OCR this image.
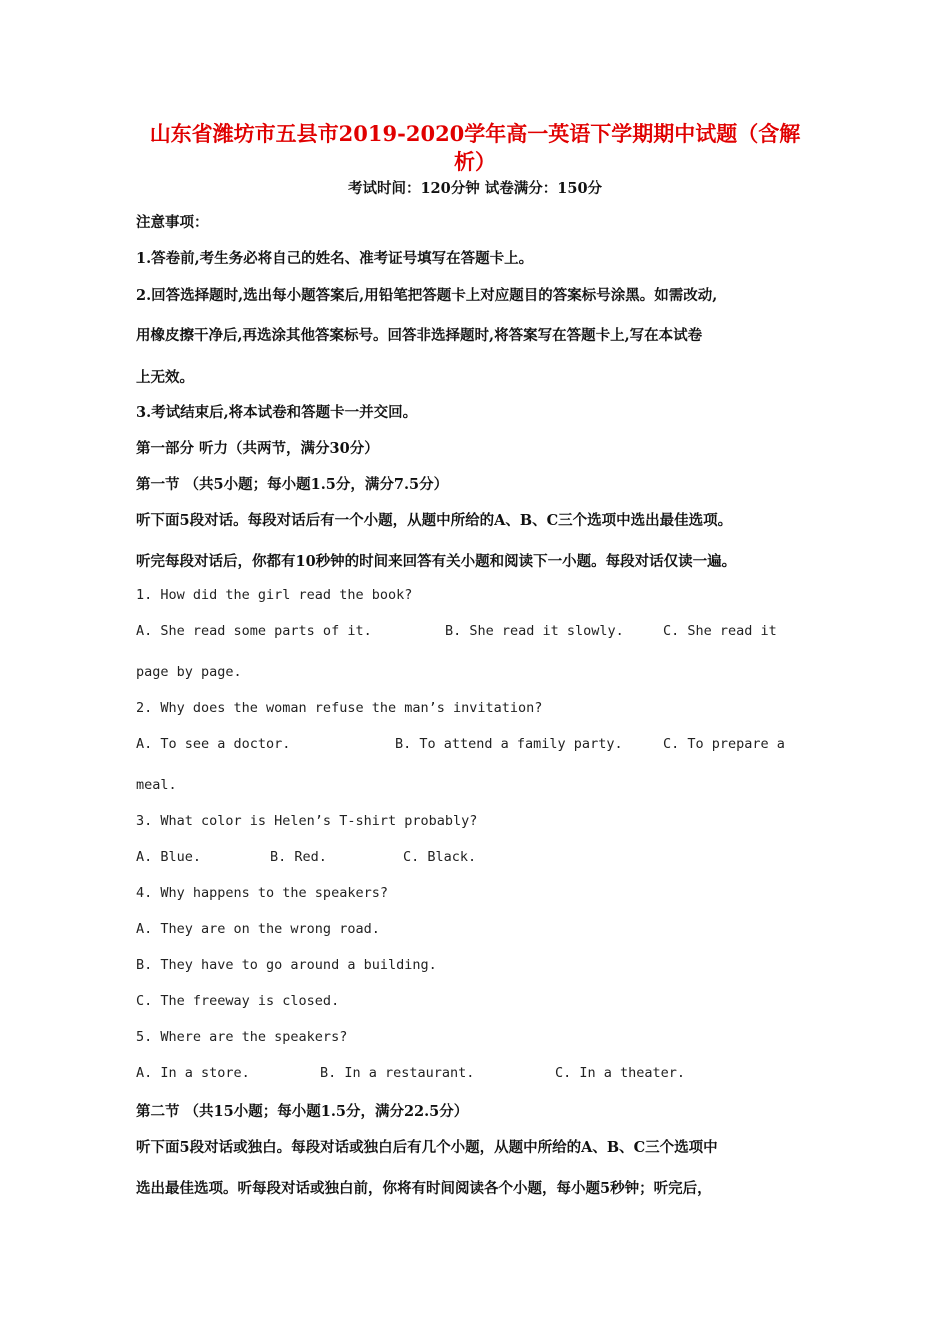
山东省潍坊市五县市2019-2020学年高一英语下学期期中试题（含解
析）
考试时间：120分钟 试卷满分：150分
注意事项：
1.答卷前,考生务必将自己的姓名、准考证号填写在答题卡上。
2.回答选择题时,选出每小题答案后,用铅笔把答题卡上对应题目的答案标号涂黑。如需改动,
用橡皮擦干净后,再选涂其他答案标号。回答非选择题时,将答案写在答题卡上,写在本试卷
上无效。
3.考试结束后,将本试卷和答题卡一并交回。
第一部分 听力（共两节，满分30分）
第一节 （共5小题；每小题1.5分，满分7.5分）
听下面5段对话。每段对话后有一个小题，从题中所给的A、B、C三个选项中选出最佳选项。
听完每段对话后，你都有10秒钟的时间来回答有关小题和阅读下一小题。每段对话仅读一遍。
1. How did the girl read the book?
A. She read some parts of it.	B. She read it slowly.	C. She read it
page by page.
2. Why does the woman refuse the man’s invitation?
A. To see a doctor.	B. To attend a family party.	C. To prepare a
meal.
3. What color is Helen’s T-shirt probably?
A. Blue.	B. Red.	C. Black.
4. Why happens to the speakers?
A. They are on the wrong road.
B. They have to go around a building.
C. The freeway is closed.
5. Where are the speakers?
A. In a store.	B. In a restaurant.	C. In a theater.
第二节 （共15小题；每小题1.5分，满分22.5分）
听下面5段对话或独白。每段对话或独白后有几个小题，从题中所给的A、B、C三个选项中
选出最佳选项。听每段对话或独白前，你将有时间阅读各个小题，每小题5秒钟；听完后，
